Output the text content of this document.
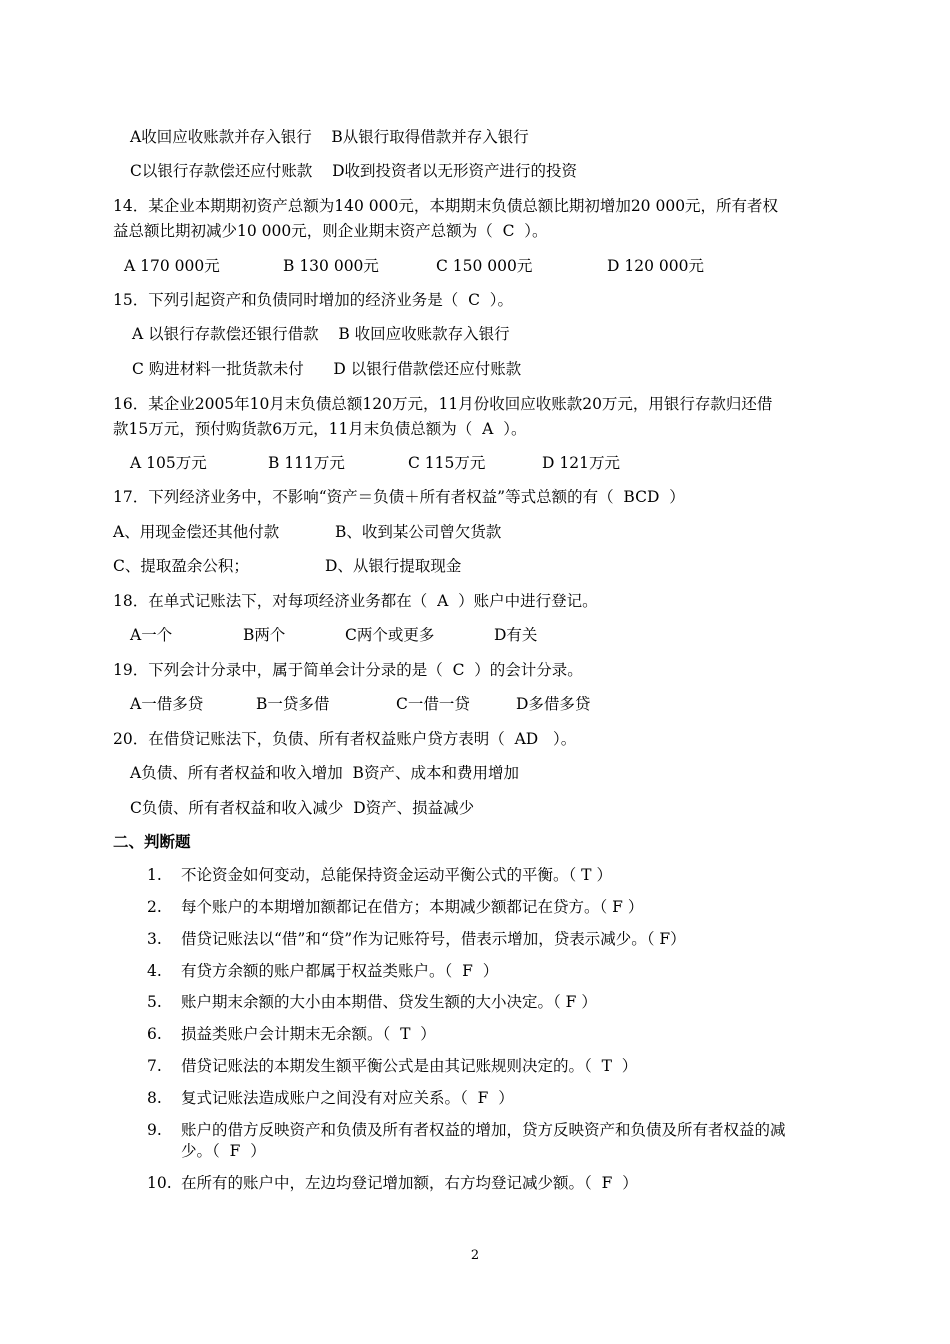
A收回应收账款并存入银行    B从银行取得借款并存入银行
C以银行存款偿还应付账款    D收到投资者以无形资产进行的投资
14．某企业本期期初资产总额为140 000元，本期期末负债总额比期初增加20 000元，所有者权
益总额比期初减少10 000元，则企业期末资产总额为（  C  ）。
A 170 000元	B 130 000元	C 150 000元	D 120 000元
15．下列引起资产和负债同时增加的经济业务是（  C  ）。
A 以银行存款偿还银行借款    B 收回应收账款存入银行
C 购进材料一批货款未付      D 以银行借款偿还应付账款
16．某企业2005年10月末负债总额120万元，11月份收回应收账款20万元，用银行存款归还借
款15万元，预付购货款6万元，11月末负债总额为（  A  ）。
A 105万元	B 111万元	C 115万元	D 121万元
17．下列经济业务中，不影响“资产＝负债＋所有者权益”等式总额的有（  BCD  ）
A、用现金偿还其他付款	B、收到某公司曾欠货款
C、提取盈余公积；	D、从银行提取现金
18．在单式记账法下，对每项经济业务都在（  A  ）账户中进行登记。
A一个	B两个	C两个或更多	D有关
19．下列会计分录中，属于简单会计分录的是（  C  ）的会计分录。
A一借多贷	B一贷多借	C一借一贷	D多借多贷
20．在借贷记账法下，负债、所有者权益账户贷方表明（  AD   ）。
A负债、所有者权益和收入增加  B资产、成本和费用增加
C负债、所有者权益和收入减少  D资产、损益减少
二、判断题
1. 不论资金如何变动，总能保持资金运动平衡公式的平衡。（ T ）
2. 每个账户的本期增加额都记在借方；本期减少额都记在贷方。（ F ）
3. 借贷记账法以“借”和“贷”作为记账符号，借表示增加，贷表示减少。（ F）
4. 有贷方余额的账户都属于权益类账户。（  F  ）
5. 账户期末余额的大小由本期借、贷发生额的大小决定。（ F ）
6. 损益类账户会计期末无余额。（  T  ）
7. 借贷记账法的本期发生额平衡公式是由其记账规则决定的。（  T  ）
8. 复式记账法造成账户之间没有对应关系。（  F  ）
9. 账户的借方反映资产和负债及所有者权益的增加，贷方反映资产和负债及所有者权益的减
少。（  F  ）
10. 在所有的账户中，左边均登记增加额，右方均登记减少额。（  F  ）
2
